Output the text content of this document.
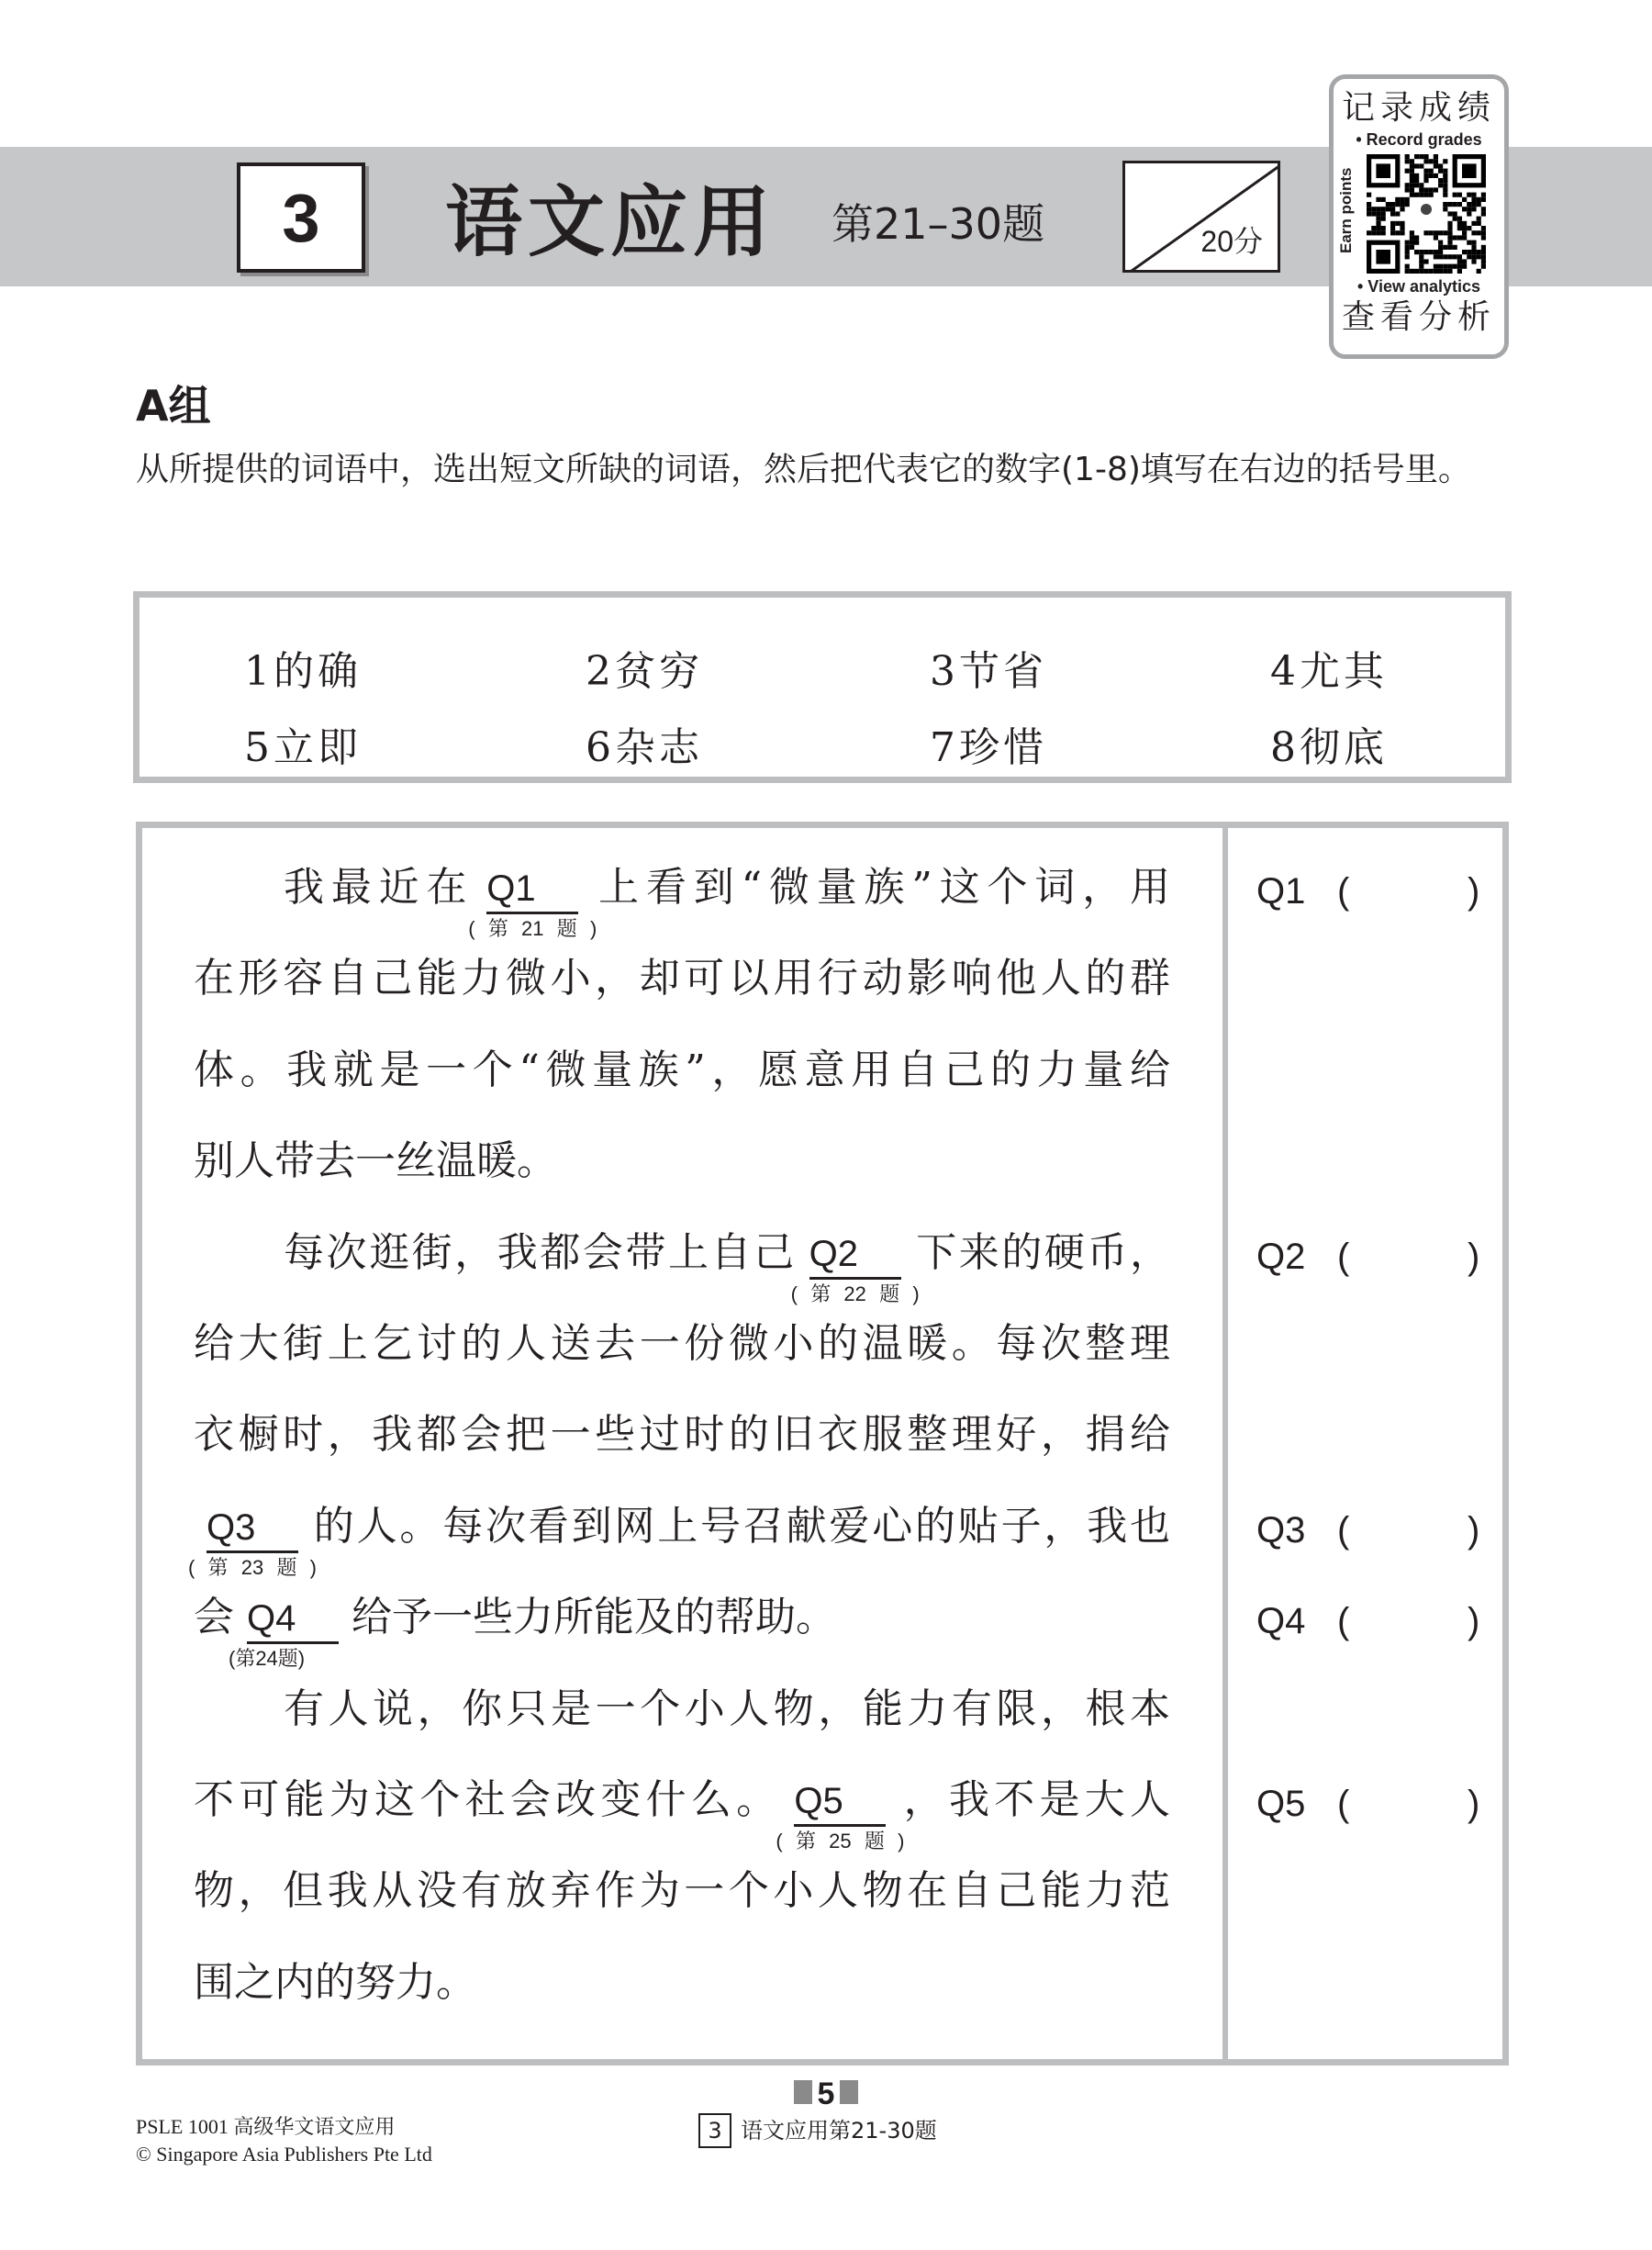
3	语文应用 第21–30题	20分
记录成绩
• Record grades
Earn points
• View analytics
查看分析
A组
从所提供的词语中，选出短文所缺的词语，然后把代表它的数字(1-8)填写在右边的括号里。
1的确	2贫穷	3节省	4尤其
5立即	6杂志	7珍惜	8彻底
我最近在 Q1
(第21题)
上看到“微量族”这个词，用
在形容自己能力微小，却可以用行动影响他人的群
体。我就是一个“微量族”，愿意用自己的力量给
别人带去一丝温暖。
每次逛街，我都会带上自己 Q2
(第22题)
下来的硬币，
给大街上乞讨的人送去一份微小的温暖。每次整理
衣橱时，我都会把一些过时的旧衣服整理好，捐给
Q3
(第23题)
的人。每次看到网上号召献爱心的贴子，我也
会 Q4
(第24题)
给予一些力所能及的帮助。
有人说，你只是一个小人物，能力有限，根本
不可能为这个社会改变什么。 Q5
(第25题)
，我不是大人
物，但我从没有放弃作为一个小人物在自己能力范
围之内的努力。
Q1 (	)
Q2 (	)
Q3 (	)
Q4 (	)
Q5 (	)
5
3 语文应用第21-30题
PSLE 1001 高级华文语文应用
© Singapore Asia Publishers Pte Ltd
